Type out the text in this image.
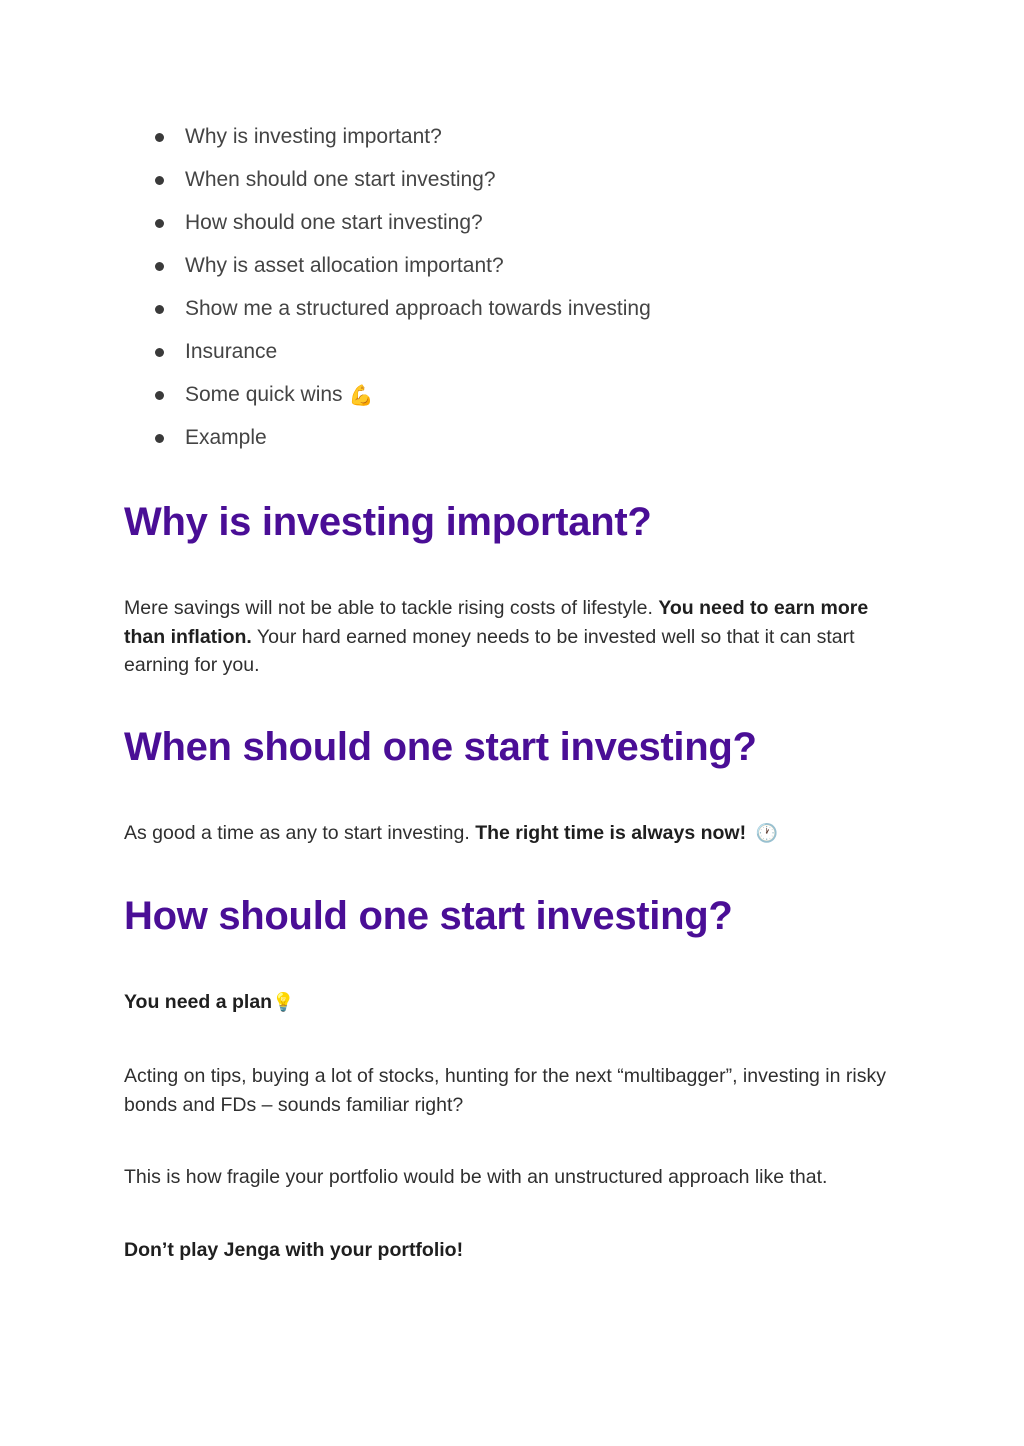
Why is investing important?
When should one start investing?
How should one start investing?
Why is asset allocation important?
Show me a structured approach towards investing
Insurance
Some quick wins 💪
Example
Why is investing important?

Mere savings will not be able to tackle rising costs of lifestyle. You need to earn more than inflation. Your hard earned money needs to be invested well so that it can start earning for you.

When should one start investing?

As good a time as any to start investing. The right time is always now! 🕐

How should one start investing?

You need a plan💡

Acting on tips, buying a lot of stocks, hunting for the next “multibagger”, investing in risky bonds and FDs – sounds familiar right?

This is how fragile your portfolio would be with an unstructured approach like that.

Don’t play Jenga with your portfolio!
